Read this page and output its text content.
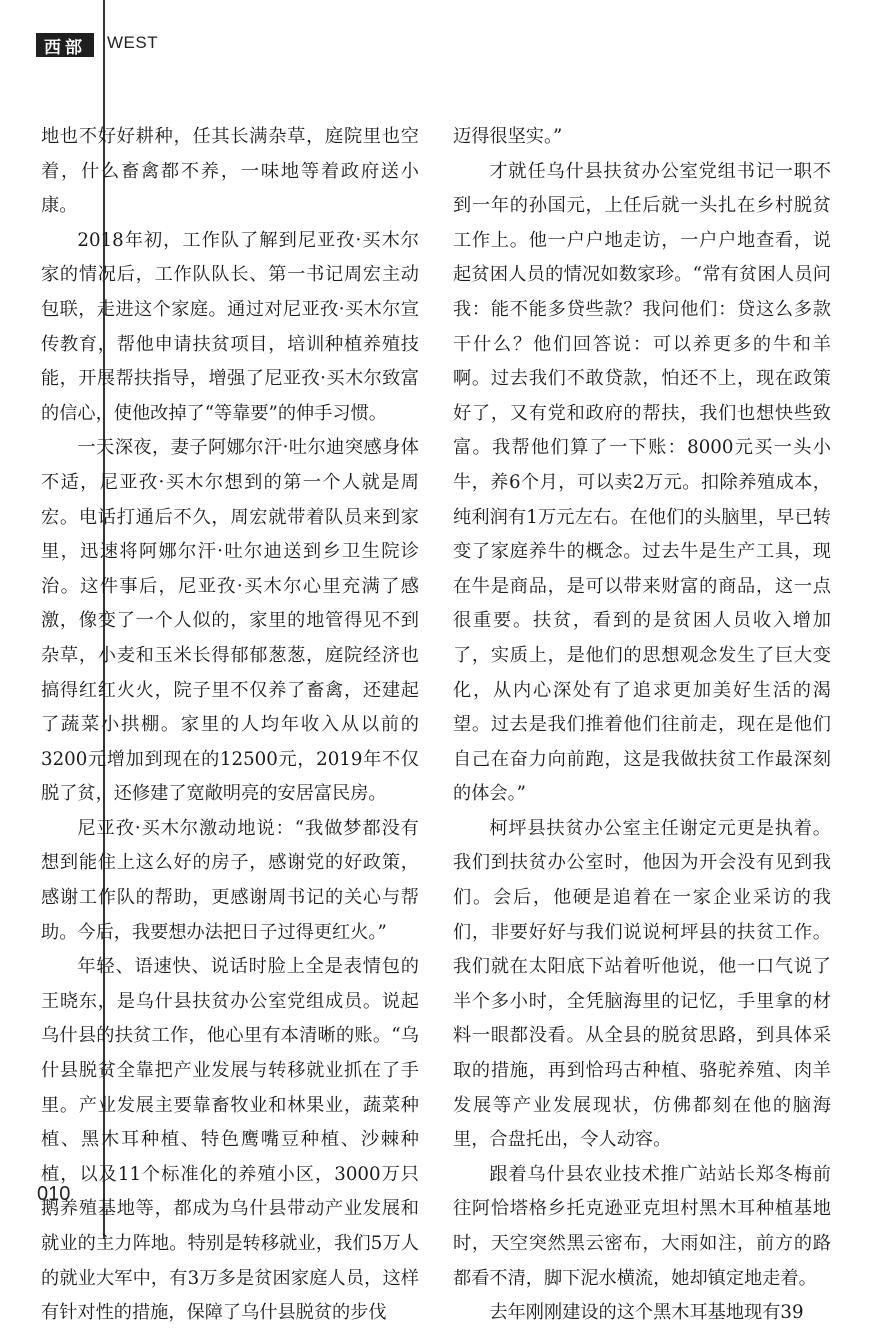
西部	WEST

地也不好好耕种，任其长满杂草，庭院里也空着，什么畜禽都不养，一味地等着政府送小康。

2018年初，工作队了解到尼亚孜·买木尔家的情况后，工作队队长、第一书记周宏主动包联，走进这个家庭。通过对尼亚孜·买木尔宣传教育，帮他申请扶贫项目，培训种植养殖技能，开展帮扶指导，增强了尼亚孜·买木尔致富的信心，使他改掉了“等靠要”的伸手习惯。

一天深夜，妻子阿娜尔汗·吐尔迪突感身体不适，尼亚孜·买木尔想到的第一个人就是周宏。电话打通后不久，周宏就带着队员来到家里，迅速将阿娜尔汗·吐尔迪送到乡卫生院诊治。这件事后，尼亚孜·买木尔心里充满了感激，像变了一个人似的，家里的地管得见不到杂草，小麦和玉米长得郁郁葱葱，庭院经济也搞得红红火火，院子里不仅养了畜禽，还建起了蔬菜小拱棚。家里的人均年收入从以前的3200元增加到现在的12500元，2019年不仅脱了贫，还修建了宽敞明亮的安居富民房。

尼亚孜·买木尔激动地说：“我做梦都没有想到能住上这么好的房子，感谢党的好政策，感谢工作队的帮助，更感谢周书记的关心与帮助。今后，我要想办法把日子过得更红火。”

年轻、语速快、说话时脸上全是表情包的王晓东，是乌什县扶贫办公室党组成员。说起乌什县的扶贫工作，他心里有本清晰的账。“乌什县脱贫全靠把产业发展与转移就业抓在了手里。产业发展主要靠畜牧业和林果业，蔬菜种植、黑木耳种植、特色鹰嘴豆种植、沙棘种植，以及11个标准化的养殖小区，3000万只鹅养殖基地等，都成为乌什县带动产业发展和就业的主力阵地。特别是转移就业，我们5万人的就业大军中，有3万多是贫困家庭人员，这样有针对性的措施，保障了乌什县脱贫的步伐

迈得很坚实。”

才就任乌什县扶贫办公室党组书记一职不到一年的孙国元，上任后就一头扎在乡村脱贫工作上。他一户户地走访，一户户地查看，说起贫困人员的情况如数家珍。“常有贫困人员问我：能不能多贷些款？我问他们：贷这么多款干什么？他们回答说：可以养更多的牛和羊啊。过去我们不敢贷款，怕还不上，现在政策好了，又有党和政府的帮扶，我们也想快些致富。我帮他们算了一下账：8000元买一头小牛，养6个月，可以卖2万元。扣除养殖成本，纯利润有1万元左右。在他们的头脑里，早已转变了家庭养牛的概念。过去牛是生产工具，现在牛是商品，是可以带来财富的商品，这一点很重要。扶贫，看到的是贫困人员收入增加了，实质上，是他们的思想观念发生了巨大变化，从内心深处有了追求更加美好生活的渴望。过去是我们推着他们往前走，现在是他们自己在奋力向前跑，这是我做扶贫工作最深刻的体会。”

柯坪县扶贫办公室主任谢定元更是执着。我们到扶贫办公室时，他因为开会没有见到我们。会后，他硬是追着在一家企业采访的我们，非要好好与我们说说柯坪县的扶贫工作。我们就在太阳底下站着听他说，他一口气说了半个多小时，全凭脑海里的记忆，手里拿的材料一眼都没看。从全县的脱贫思路，到具体采取的措施，再到恰玛古种植、骆驼养殖、肉羊发展等产业发展现状，仿佛都刻在他的脑海里，合盘托出，令人动容。

跟着乌什县农业技术推广站站长郑冬梅前往阿恰塔格乡托克逊亚克坦村黑木耳种植基地时，天空突然黑云密布，大雨如注，前方的路都看不清，脚下泥水横流，她却镇定地走着。

去年刚刚建设的这个黑木耳基地现有39

010
